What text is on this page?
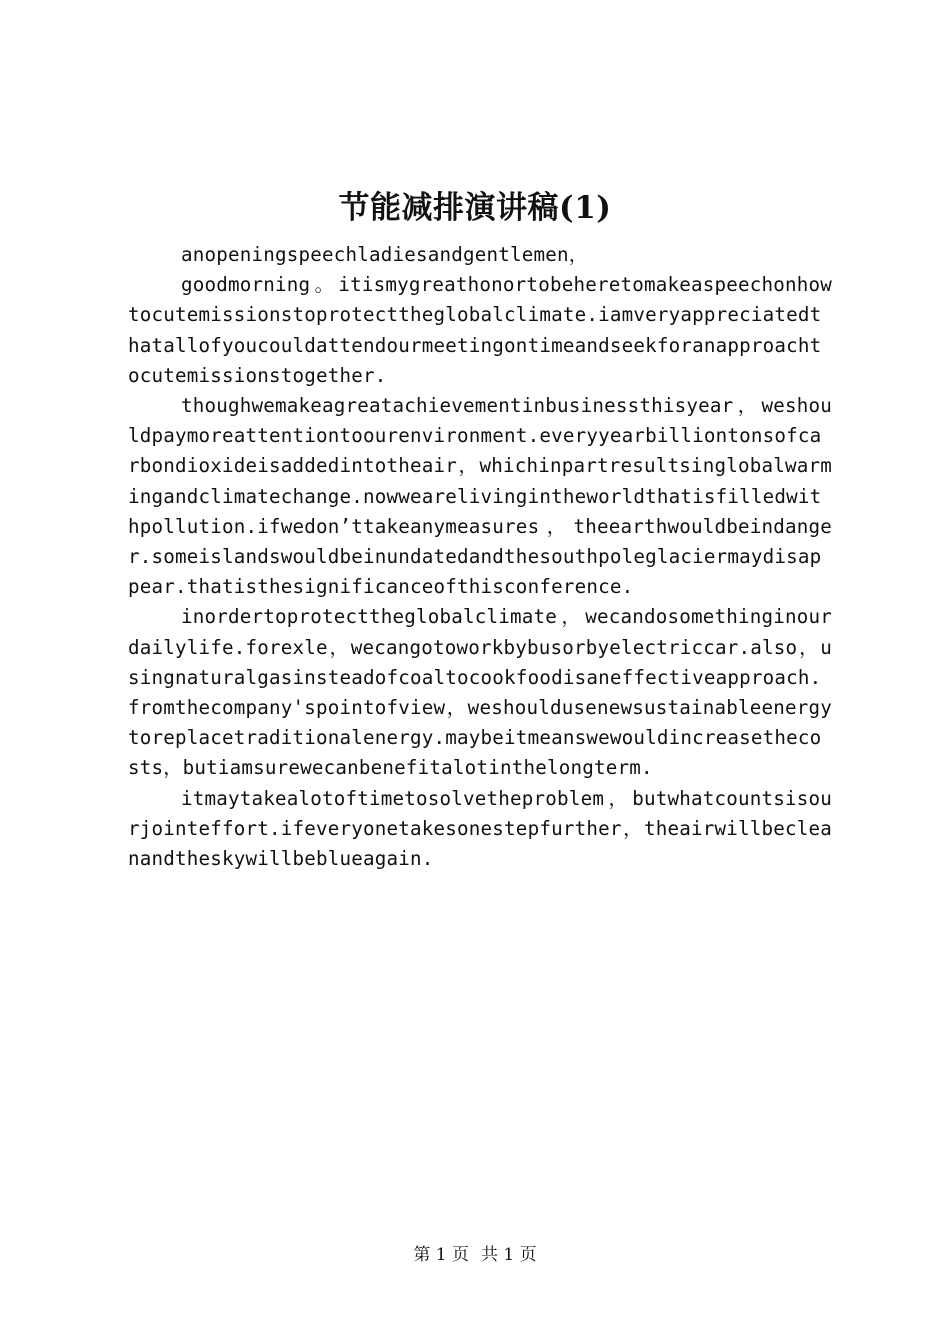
节能减排演讲稿(1)

anopeningspeechladiesandgentlemen，

goodmorning。itismygreathonortobeheretomakeaspeechonhowtocutemissionstoprotecttheglobalclimate.iamveryappreciatedthatallofyoucouldattendourmeetingontimeandseekforanapproachtocutemissionstogether.

thoughwemakeagreatachievementinbusinessthisyear，weshouldpaymoreattentiontoourenvironment.everyyearbilliontonsofcarbondioxideisaddedintotheair，whichinpartresultsinglobalwarmingandclimatechange.nowwearelivingintheworldthatisfilledwithpollution.ifwedon’ttakeanymeasures，theearthwouldbeindanger.someislandswouldbeinundatedandthesouthpoleglaciermaydisappear.thatisthesignificanceofthisconference.

inordertoprotecttheglobalclimate，wecandosomethinginourdailylife.forexle，wecangotoworkbybusorbyelectriccar.also，usingnaturalgasinsteadofcoaltocookfoodisaneffectiveapproach.fromthecompany'spointofview，weshouldusenewsustainableenergytoreplacetraditionalenergy.maybeitmeanswewouldincreasethecosts，butiamsurewecanbenefitalotinthelongterm.

itmaytakealotoftimetosolvetheproblem，butwhatcountsisourjointeffort.ifeveryonetakesonestepfurther，theairwillbecleanandtheskywillbeblueagain.

第 1 页 共 1 页
